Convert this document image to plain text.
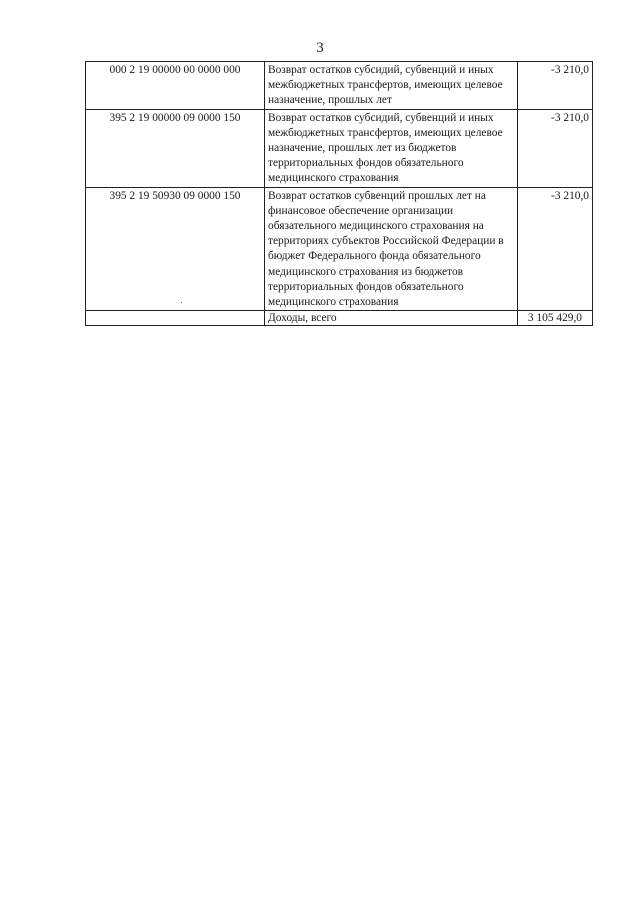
3
000 2 19 00000 00 0000 000	Возврат остатков субсидий, субвенций и иных межбюджетных трансфертов, имеющих целевое назначение, прошлых лет	-3 210,0
395 2 19 00000 09 0000 150	Возврат остатков субсидий, субвенций и иных межбюджетных трансфертов, имеющих целевое назначение, прошлых лет из бюджетов территориальных фондов обязательного медицинского страхования	-3 210,0
395 2 19 50930 09 0000 150	Возврат остатков субвенций прошлых лет на финансовое обеспечение организации обязательного медицинского страхования на территориях субъектов Российской Федерации в бюджет Федерального фонда обязательного медицинского страхования из бюджетов территориальных фондов обязательного медицинского страхования	-3 210,0
	Доходы, всего	3 105 429,0
